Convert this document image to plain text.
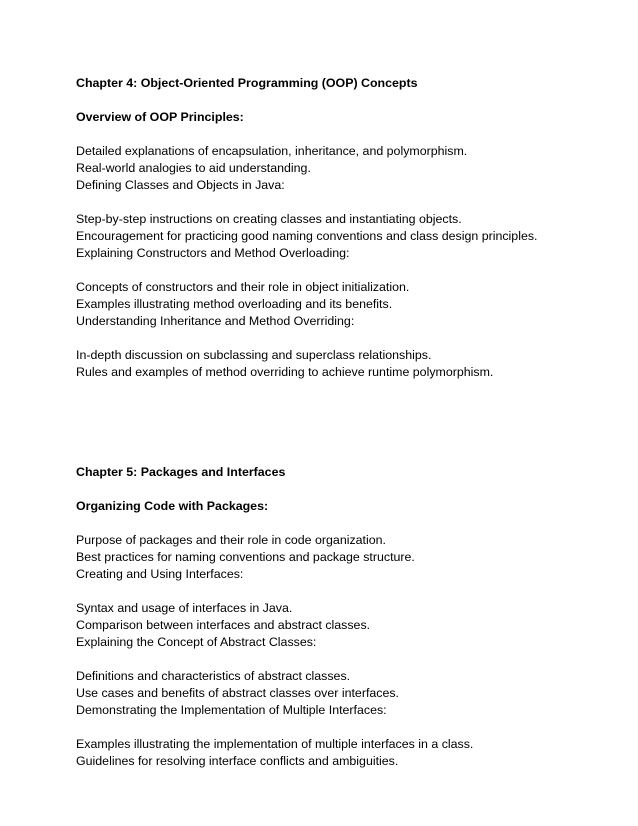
Chapter 4: Object-Oriented Programming (OOP) Concepts
Overview of OOP Principles:
Detailed explanations of encapsulation, inheritance, and polymorphism.
Real-world analogies to aid understanding.
Defining Classes and Objects in Java:
Step-by-step instructions on creating classes and instantiating objects.
Encouragement for practicing good naming conventions and class design principles.
Explaining Constructors and Method Overloading:
Concepts of constructors and their role in object initialization.
Examples illustrating method overloading and its benefits.
Understanding Inheritance and Method Overriding:
In-depth discussion on subclassing and superclass relationships.
Rules and examples of method overriding to achieve runtime polymorphism.
Chapter 5: Packages and Interfaces
Organizing Code with Packages:
Purpose of packages and their role in code organization.
Best practices for naming conventions and package structure.
Creating and Using Interfaces:
Syntax and usage of interfaces in Java.
Comparison between interfaces and abstract classes.
Explaining the Concept of Abstract Classes:
Definitions and characteristics of abstract classes.
Use cases and benefits of abstract classes over interfaces.
Demonstrating the Implementation of Multiple Interfaces:
Examples illustrating the implementation of multiple interfaces in a class.
Guidelines for resolving interface conflicts and ambiguities.
